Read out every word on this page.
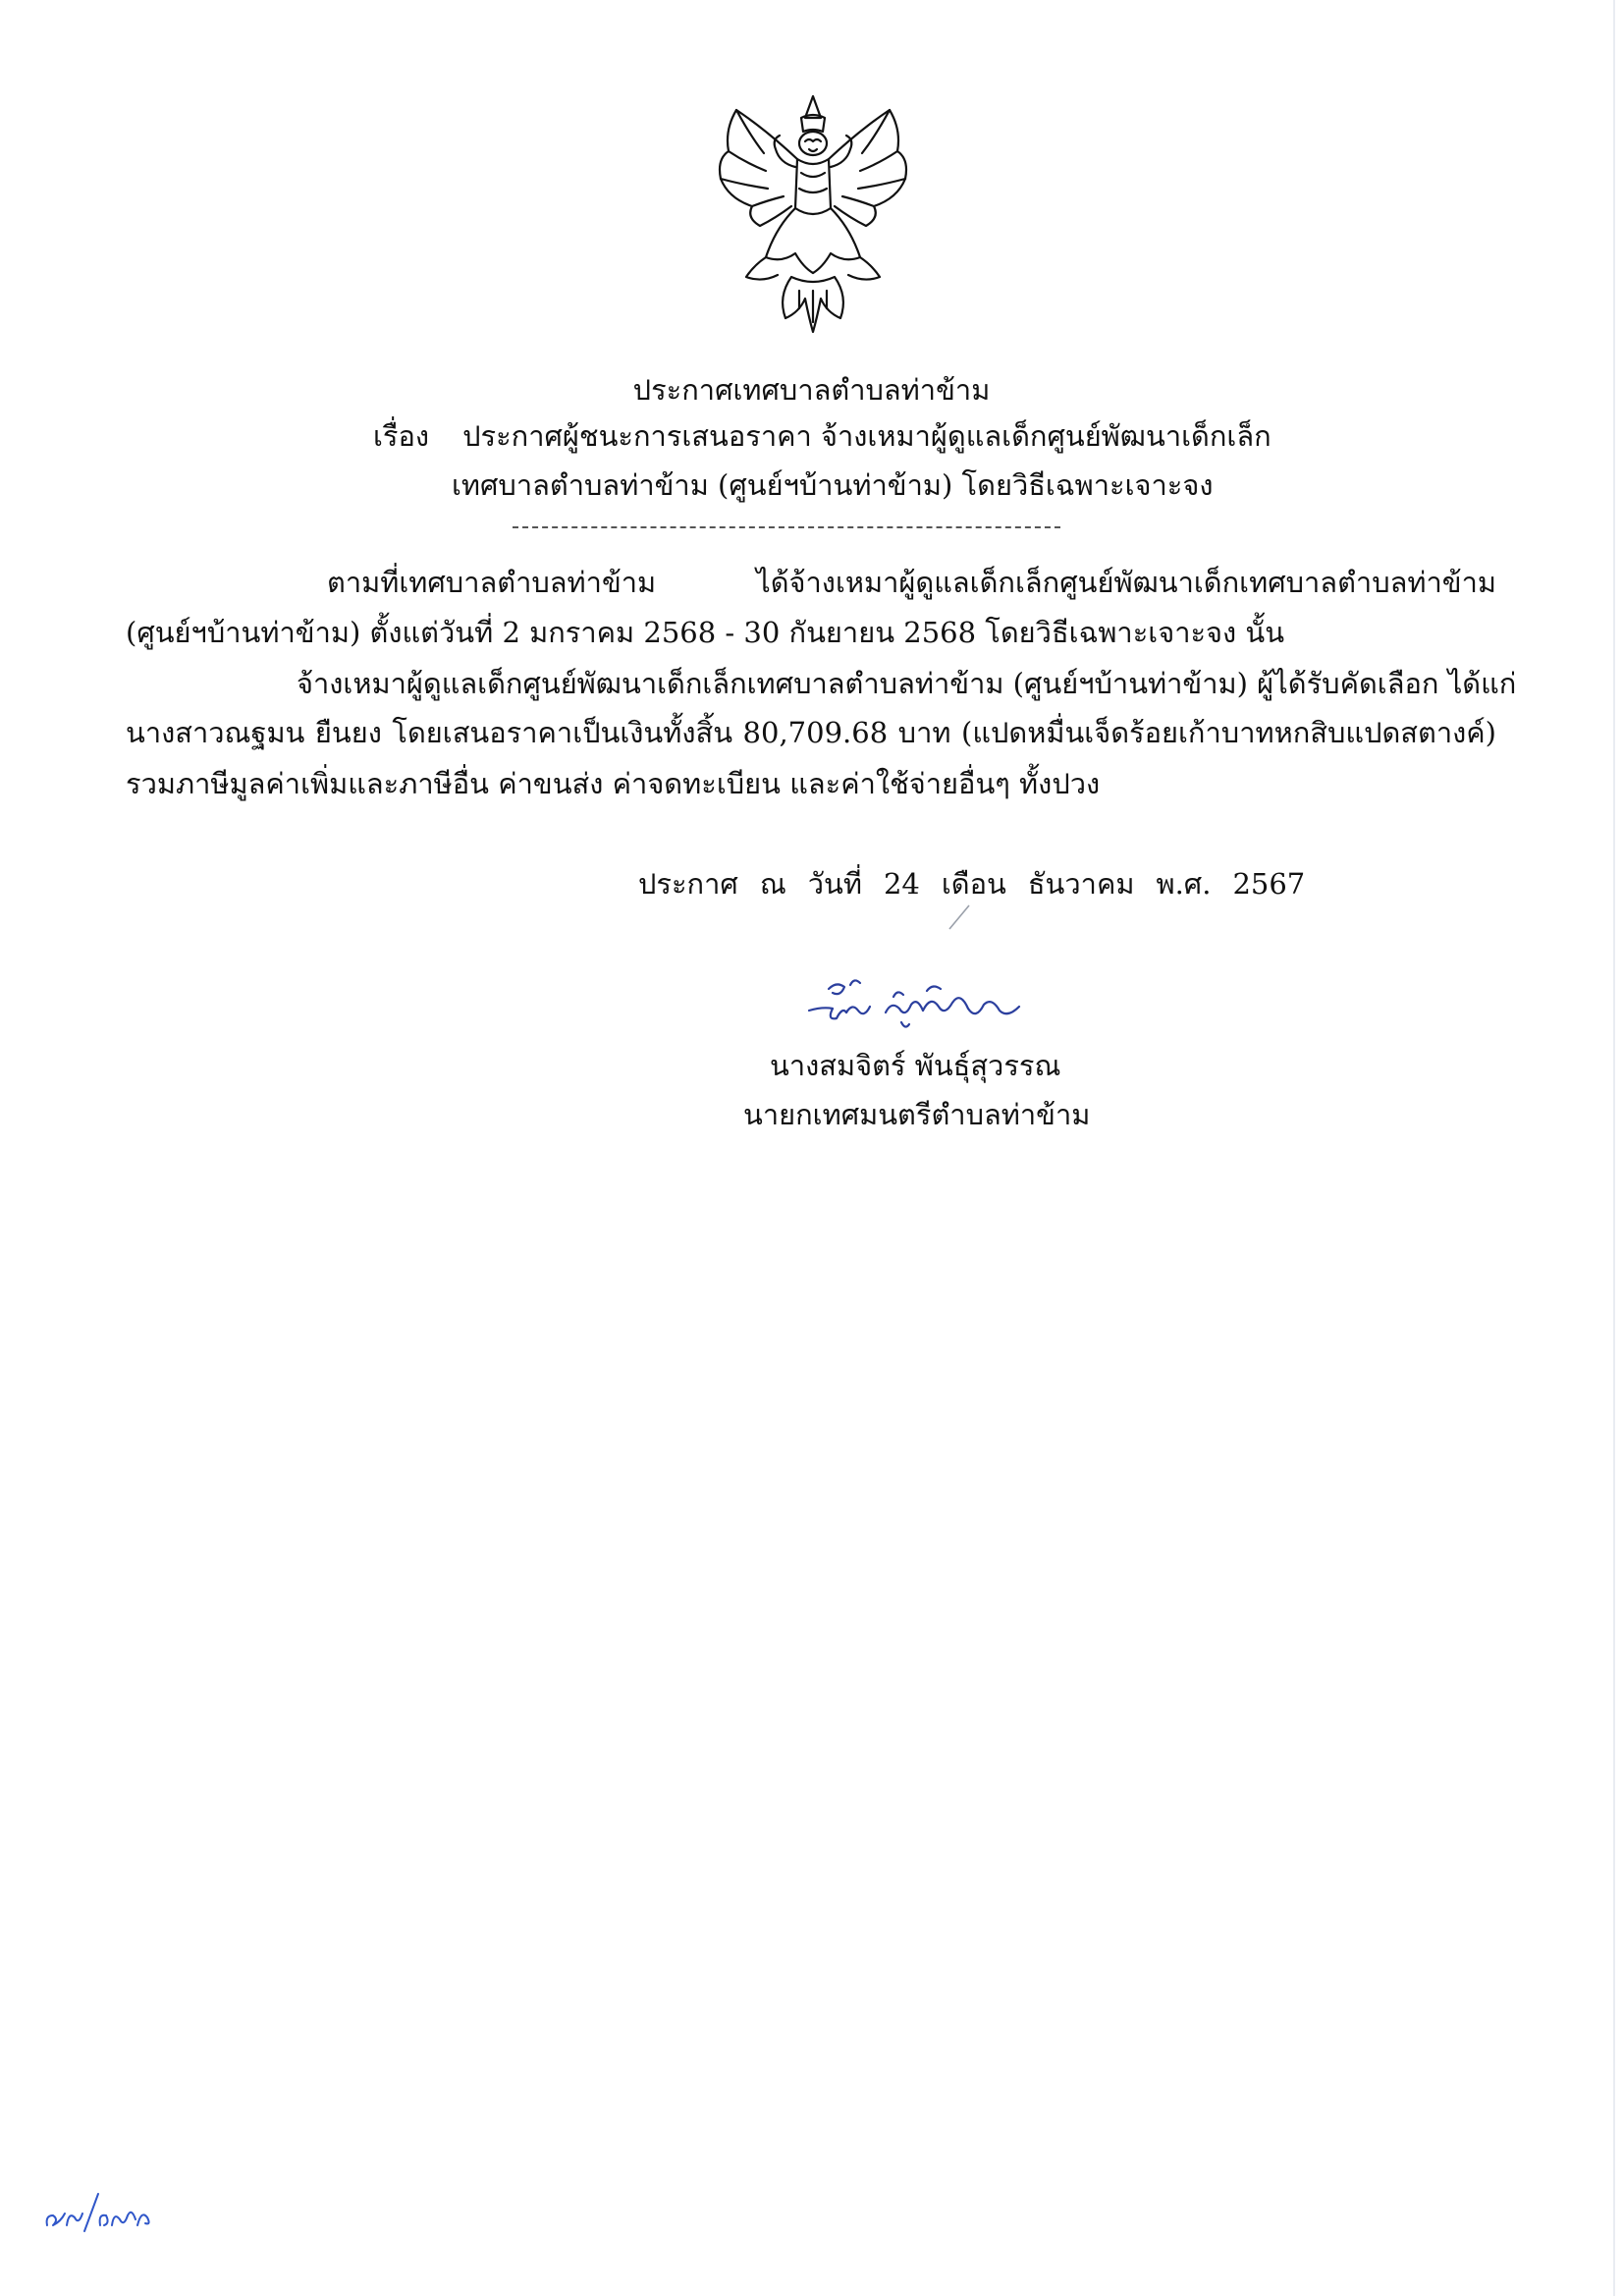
ประกาศเทศบาลตำบลท่าข้าม
เรื่อง ประกาศผู้ชนะการเสนอราคา จ้างเหมาผู้ดูแลเด็กศูนย์พัฒนาเด็กเล็ก
เทศบาลตำบลท่าข้าม (ศูนย์ฯบ้านท่าข้าม) โดยวิธีเฉพาะเจาะจง
ตามที่เทศบาลตำบลท่าข้าม ได้จ้างเหมาผู้ดูแลเด็กเล็กศูนย์พัฒนาเด็กเทศบาลตำบลท่าข้าม
(ศูนย์ฯบ้านท่าข้าม) ตั้งแต่วันที่ 2 มกราคม 2568 - 30 กันยายน 2568 โดยวิธีเฉพาะเจาะจง นั้น
จ้างเหมาผู้ดูแลเด็กศูนย์พัฒนาเด็กเล็กเทศบาลตำบลท่าข้าม (ศูนย์ฯบ้านท่าข้าม) ผู้ได้รับคัดเลือก ได้แก่
นางสาวณฐมน ยืนยง โดยเสนอราคาเป็นเงินทั้งสิ้น 80,709.68 บาท (แปดหมื่นเจ็ดร้อยเก้าบาทหกสิบแปดสตางค์)
รวมภาษีมูลค่าเพิ่มและภาษีอื่น ค่าขนส่ง ค่าจดทะเบียน และค่าใช้จ่ายอื่นๆ ทั้งปวง
ประกาศ ณ วันที่ 24 เดือน ธันวาคม พ.ศ. 2567
นางสมจิตร์ พันธุ์สุวรรณ
นายกเทศมนตรีตำบลท่าข้าม
